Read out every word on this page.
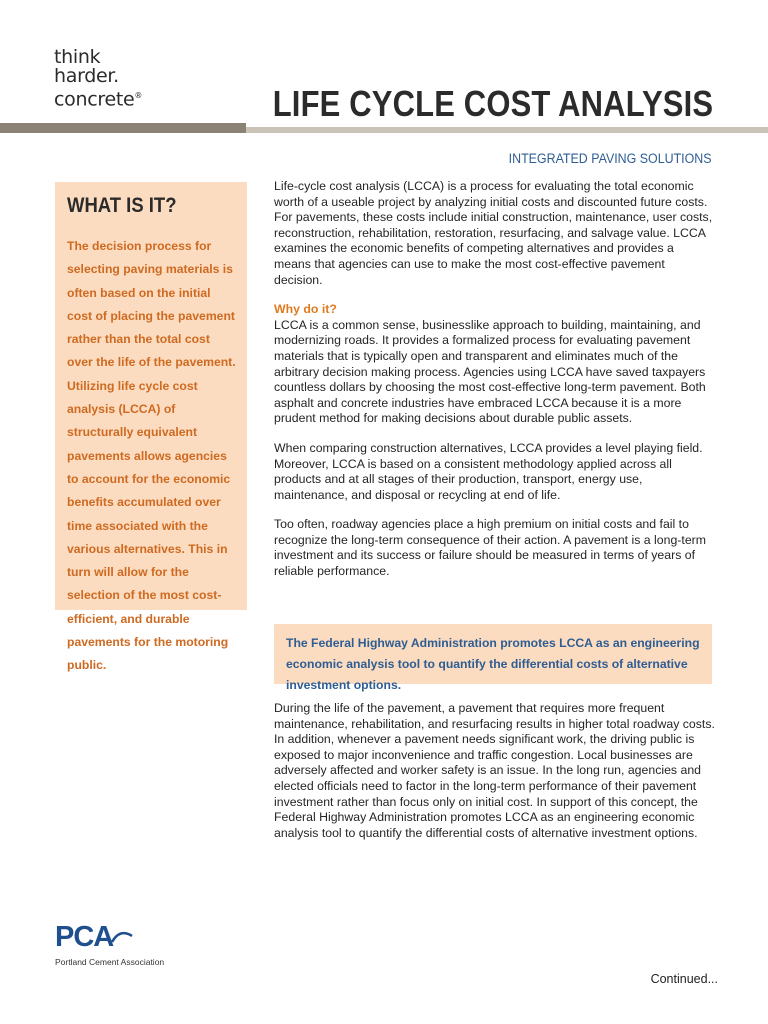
think
harder.
concrete®	LIFE CYCLE COST ANALYSIS
INTEGRATED PAVING SOLUTIONS
WHAT IS IT?

The decision process for selecting paving materials is often based on the initial cost of placing the pavement rather than the total cost over the life of the pavement. Utilizing life cycle cost analysis (LCCA) of structurally equivalent pavements allows agencies to account for the economic benefits accumulated over time associated with the various alternatives. This in turn will allow for the selection of the most cost-efficient, and durable pavements for the motoring public.

Life-cycle cost analysis (LCCA) is a process for evaluating the total economic worth of a useable project by analyzing initial costs and discounted future costs. For pavements, these costs include initial construction, maintenance, user costs, reconstruction, rehabilitation, restoration, resurfacing, and salvage value. LCCA examines the economic benefits of competing alternatives and provides a means that agencies can use to make the most cost-effective pavement decision.

Why do it?

LCCA is a common sense, businesslike approach to building, maintaining, and modernizing roads. It provides a formalized process for evaluating pavement materials that is typically open and transparent and eliminates much of the arbitrary decision making process. Agencies using LCCA have saved taxpayers countless dollars by choosing the most cost-effective long-term pavement. Both asphalt and concrete industries have embraced LCCA because it is a more prudent method for making decisions about durable public assets.

When comparing construction alternatives, LCCA provides a level playing field. Moreover, LCCA is based on a consistent methodology applied across all products and at all stages of their production, transport, energy use, maintenance, and disposal or recycling at end of life.

Too often, roadway agencies place a high premium on initial costs and fail to recognize the long-term consequence of their action. A pavement is a long-term investment and its success or failure should be measured in terms of years of reliable performance.

The Federal Highway Administration promotes LCCA as an engineering economic analysis tool to quantify the differential costs of alternative investment options.

During the life of the pavement, a pavement that requires more frequent maintenance, rehabilitation, and resurfacing results in higher total roadway costs. In addition, whenever a pavement needs significant work, the driving public is exposed to major inconvenience and traffic congestion. Local businesses are adversely affected and worker safety is an issue. In the long run, agencies and elected officials need to factor in the long-term performance of their pavement investment rather than focus only on initial cost. In support of this concept, the Federal Highway Administration promotes LCCA as an engineering economic analysis tool to quantify the differential costs of alternative investment options.

PCA
Portland Cement Association
Continued...
